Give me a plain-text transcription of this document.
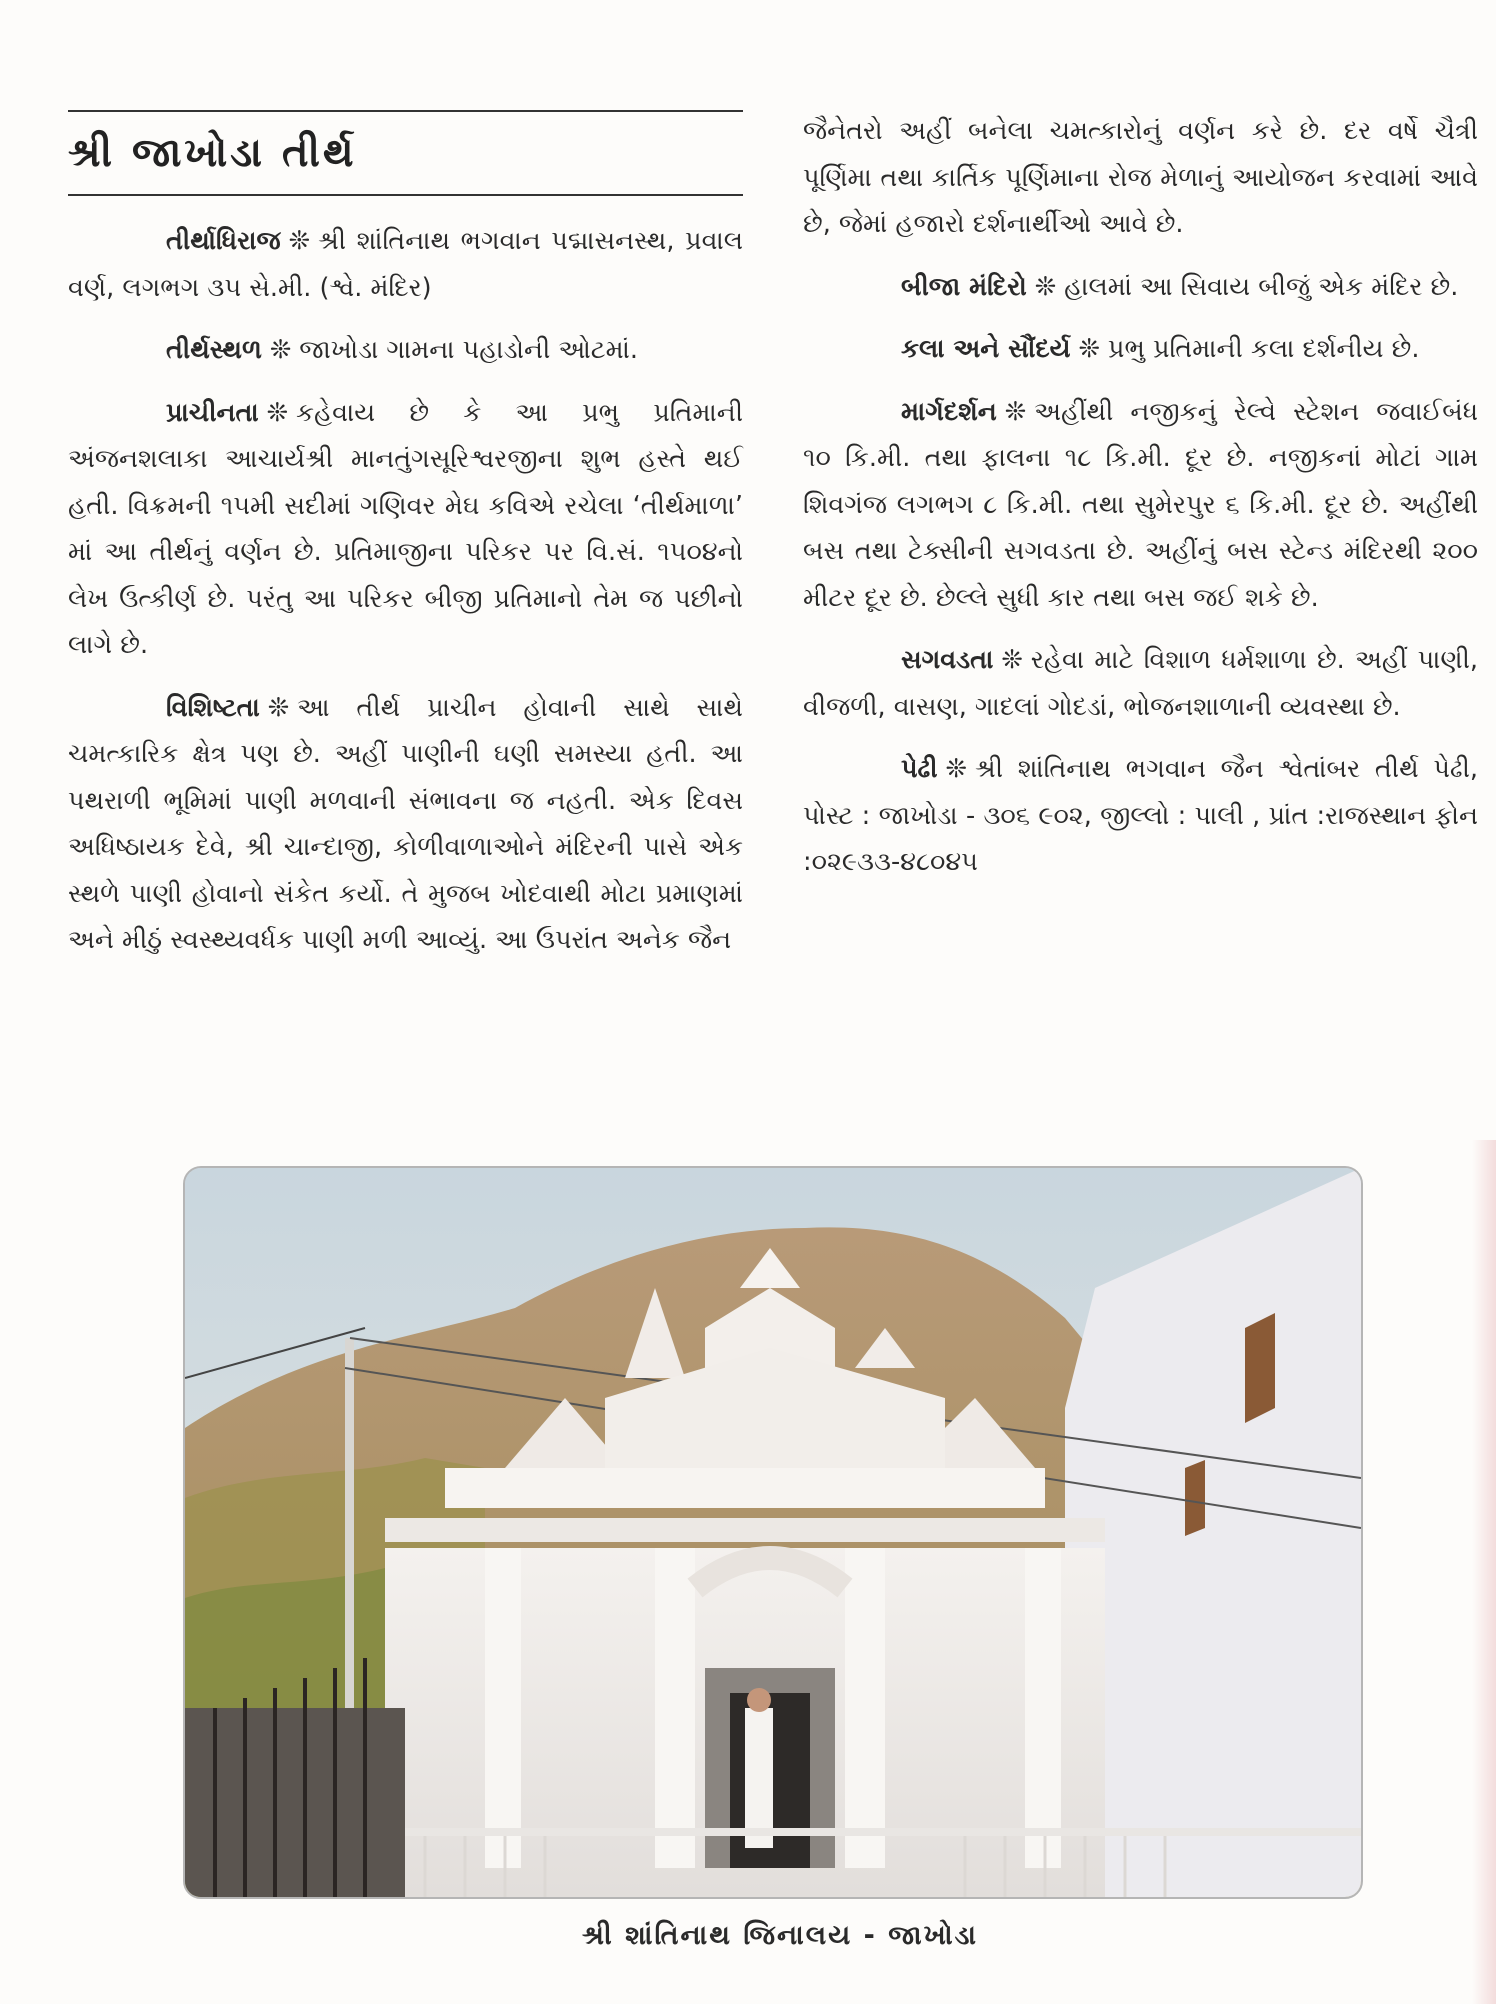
શ્રી જાખોડા તીર્થ

તીર્થાધિરાજ ❊ શ્રી શાંતિનાથ ભગવાન પદ્માસનસ્થ, પ્રવાલ વર્ણ, લગભગ ૩૫ સે.મી. (શ્વે. મંદિર)

તીર્થસ્થળ ❊ જાખોડા ગામના પહાડોની ઓટમાં.

પ્રાચીનતા ❊ કહેવાય છે કે આ પ્રભુ પ્રતિમાની અંજનશલાકા આચાર્યશ્રી માનતુંગસૂરિશ્વરજીના શુભ હસ્તે થઈ હતી. વિક્રમની ૧૫મી સદીમાં ગણિવર મેઘ કવિએ રચેલા ‘તીર્થમાળા’ માં આ તીર્થનું વર્ણન છે. પ્રતિમાજીના પરિકર પર વિ.સં. ૧૫૦૪નો લેખ ઉત્કીર્ણ છે. પરંતુ આ પરિકર બીજી પ્રતિમાનો તેમ જ પછીનો લાગે છે.

વિશિષ્ટતા ❊ આ તીર્થ પ્રાચીન હોવાની સાથે સાથે ચમત્કારિક ક્ષેત્ર પણ છે. અહીં પાણીની ઘણી સમસ્યા હતી. આ પથરાળી ભૂમિમાં પાણી મળવાની સંભાવના જ નહતી. એક દિવસ અધિષ્ઠાયક દેવે, શ્રી ચાન્દાજી, કોળીવાળાઓને મંદિરની પાસે એક સ્થળે પાણી હોવાનો સંકેત કર્યો. તે મુજબ ખોદવાથી મોટા પ્રમાણમાં અને મીઠું સ્વસ્થ્યવર્ધક પાણી મળી આવ્યું. આ ઉપરાંત અનેક જૈન

જૈનેતરો અહીં બનેલા ચમત્કારોનું વર્ણન કરે છે. દર વર્ષે ચૈત્રી પૂર્ણિમા તથા કાર્તિક પૂર્ણિમાના રોજ મેળાનું આયોજન કરવામાં આવે છે, જેમાં હજારો દર્શનાર્થીઓ આવે છે.

બીજા મંદિરો ❊ હાલમાં આ સિવાય બીજું એક મંદિર છે.

કલા અને સૌંદર્ય ❊ પ્રભુ પ્રતિમાની કલા દર્શનીય છે.

માર્ગદર્શન ❊ અહીંથી નજીકનું રેલ્વે સ્ટેશન જવાઈબંધ ૧૦ કિ.મી. તથા ફાલના ૧૮ કિ.મી. દૂર છે. નજીકનાં મોટાં ગામ શિવગંજ લગભગ ૮ કિ.મી. તથા સુમેરપુર ૬ કિ.મી. દૂર છે. અહીંથી બસ તથા ટેક્સીની સગવડતા છે. અહીંનું બસ સ્ટેન્ડ મંદિરથી ૨૦૦ મીટર દૂર છે. છેલ્લે સુધી કાર તથા બસ જઈ શકે છે.

સગવડતા ❊ રહેવા માટે વિશાળ ધર્મશાળા છે. અહીં પાણી, વીજળી, વાસણ, ગાદલાં ગોદડાં, ભોજનશાળાની વ્યવસ્થા છે.

પેઢી ❊ શ્રી શાંતિનાથ ભગવાન જૈન શ્વેતાંબર તીર્થ પેઢી, પોસ્ટ : જાખોડા - ૩૦૬ ૯૦૨, જીલ્લો : પાલી , પ્રાંત :રાજસ્થાન ફોન :૦૨૯૩૩-૪૮૦૪૫

શ્રી શાંતિનાથ જિનાલય - જાખોડા
